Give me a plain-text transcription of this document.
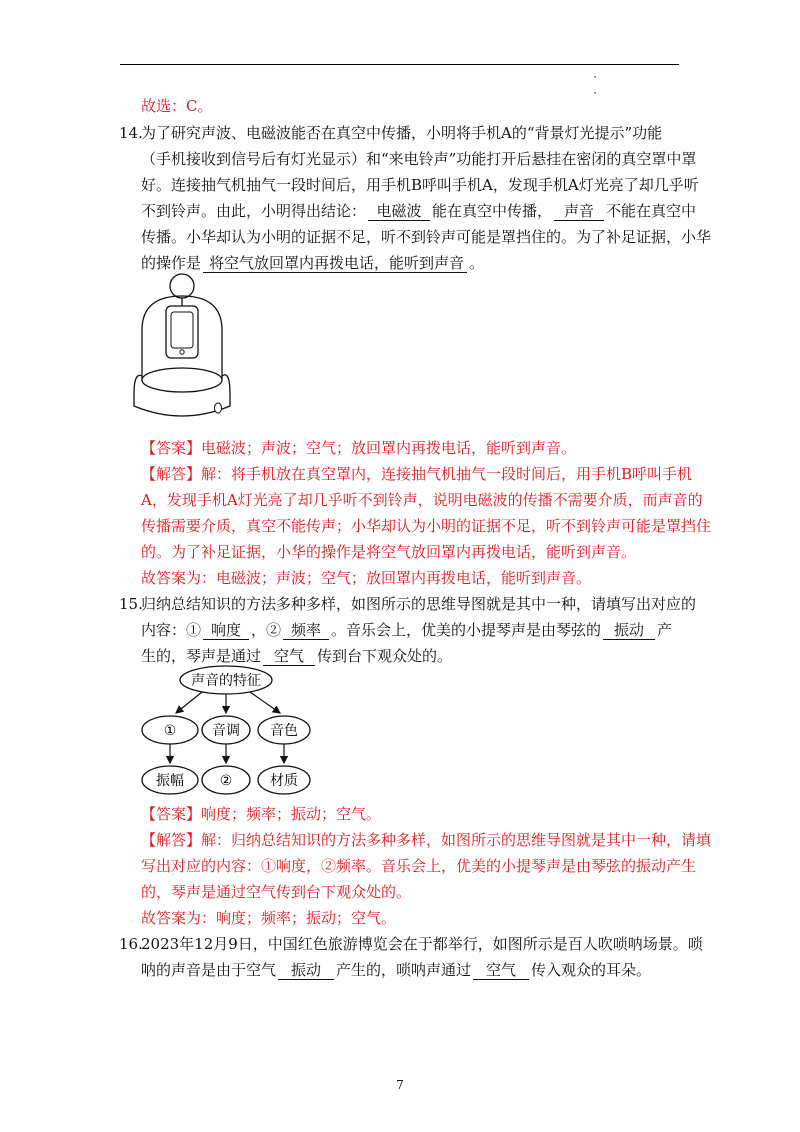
故选：C。
14.为了研究声波、电磁波能否在真空中传播，小明将手机A的“背景灯光提示”功能
（手机接收到信号后有灯光显示）和“来电铃声”功能打开后悬挂在密闭的真空罩中罩
好。连接抽气机抽气一段时间后，用手机B呼叫手机A，发现手机A灯光亮了却几乎听
不到铃声。由此，小明得出结论： 电磁波 能在真空中传播， 声音 不能在真空中
传播。小华却认为小明的证据不足，听不到铃声可能是罩挡住的。为了补足证据，小华
的操作是 将空气放回罩内再拨电话，能听到声音 。
【答案】电磁波；声波；空气；放回罩内再拨电话，能听到声音。
【解答】解：将手机放在真空罩内，连接抽气机抽气一段时间后，用手机B呼叫手机
A，发现手机A灯光亮了却几乎听不到铃声，说明电磁波的传播不需要介质，而声音的
传播需要介质，真空不能传声；小华却认为小明的证据不足，听不到铃声可能是罩挡住
的。为了补足证据，小华的操作是将空气放回罩内再拨电话，能听到声音。
故答案为：电磁波；声波；空气；放回罩内再拨电话，能听到声音。
15.归纳总结知识的方法多种多样，如图所示的思维导图就是其中一种，请填写出对应的
内容：① 响度 ，② 频率 。音乐会上，优美的小提琴声是由琴弦的 振动 产
生的，琴声是通过 空气 传到台下观众处的。
声音的特征
①	音调 音色
振幅	②	材质
【答案】响度；频率；振动；空气。
【解答】解：归纳总结知识的方法多种多样，如图所示的思维导图就是其中一种，请填
写出对应的内容：①响度，②频率。音乐会上，优美的小提琴声是由琴弦的振动产生
的，琴声是通过空气传到台下观众处的。
故答案为：响度；频率；振动；空气。
16.2023年12月9日，中国红色旅游博览会在于都举行，如图所示是百人吹唢呐场景。唢
呐的声音是由于空气 振动 产生的，唢呐声通过 空气 传入观众的耳朵。
7
